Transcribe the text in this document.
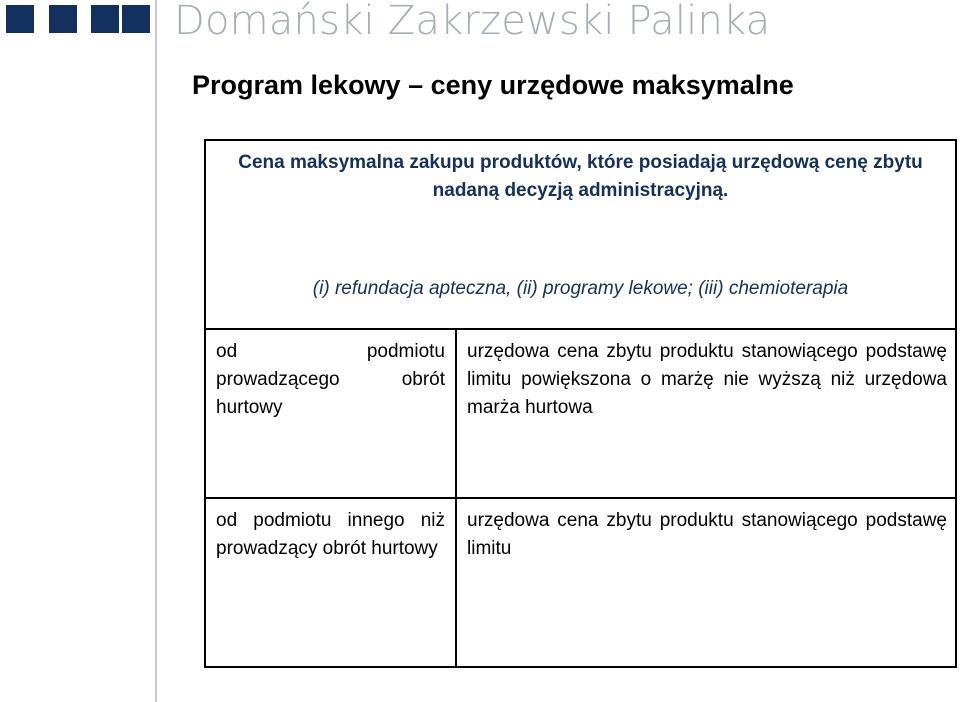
Domański Zakrzewski Palinka
Program lekowy – ceny urzędowe maksymalne
Cena maksymalna zakupu produktów, które posiadają urzędową cenę zbytu nadaną decyzją administracyjną.
(i) refundacja apteczna, (ii) programy lekowe; (iii) chemioterapia
od podmiotu prowadzącego obrót hurtowy
urzędowa cena zbytu produktu stanowiącego podstawę limitu powiększona o marżę nie wyższą niż urzędowa marża hurtowa
od podmiotu innego niż prowadzący obrót hurtowy
urzędowa cena zbytu produktu stanowiącego podstawę limitu
